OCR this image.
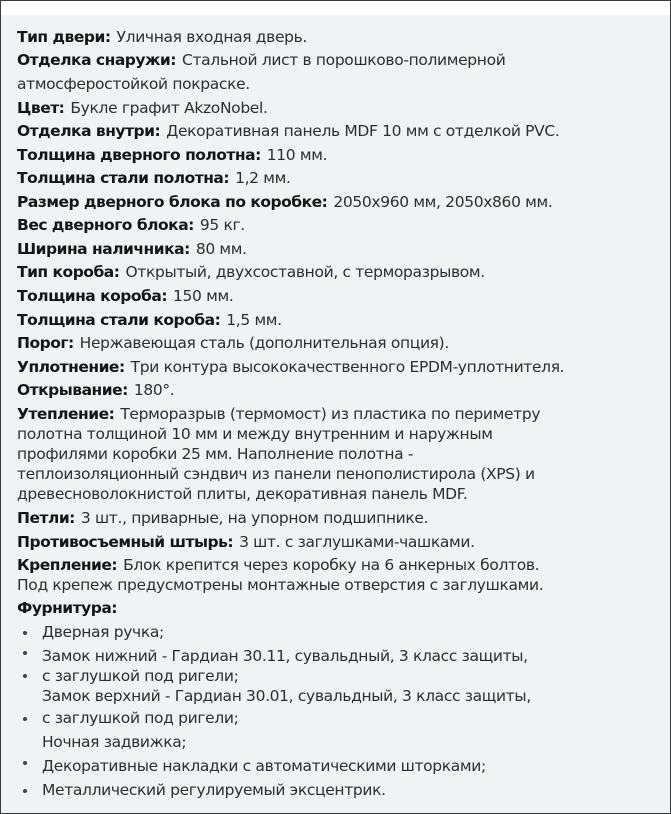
Тип двери: Уличная входная дверь.
Отделка снаружи: Стальной лист в порошково-полимерной
атмосферостойкой покраске.
Цвет: Букле графит AkzoNobel.
Отделка внутри: Декоративная панель MDF 10 мм с отделкой PVC.
Толщина дверного полотна: 110 мм.
Толщина стали полотна: 1,2 мм.
Размер дверного блока по коробке: 2050х960 мм, 2050х860 мм.
Вес дверного блока: 95 кг.
Ширина наличника: 80 мм.
Тип короба: Открытый, двухсоставной, с терморазрывом.
Толщина короба: 150 мм.
Толщина стали короба: 1,5 мм.
Порог: Нержавеющая сталь (дополнительная опция).
Уплотнение: Три контура высококачественного EPDM-уплотнителя.
Открывание: 180°.
Утепление: Терморазрыв (термомост) из пластика по периметру
полотна толщиной 10 мм и между внутренним и наружным
профилями коробки 25 мм. Наполнение полотна -
теплоизоляционный сэндвич из панели пенополистирола (XPS) и
древесноволокнистой плиты, декоративная панель MDF.
Петли: 3 шт., приварные, на упорном подшипнике.
Противосъемный штырь: 3 шт. с заглушками-чашками.
Крепление: Блок крепится через коробку на 6 анкерных болтов.
Под крепеж предусмотрены монтажные отверстия с заглушками.
Фурнитура:
Дверная ручка;
Замок нижний - Гардиан 30.11, сувальдный, 3 класс защиты,
с заглушкой под ригели;
Замок верхний - Гардиан 30.01, сувальдный, 3 класс защиты,
с заглушкой под ригели;
Ночная задвижка;
Декоративные накладки с автоматическими шторками;
Металлический регулируемый эксцентрик.
